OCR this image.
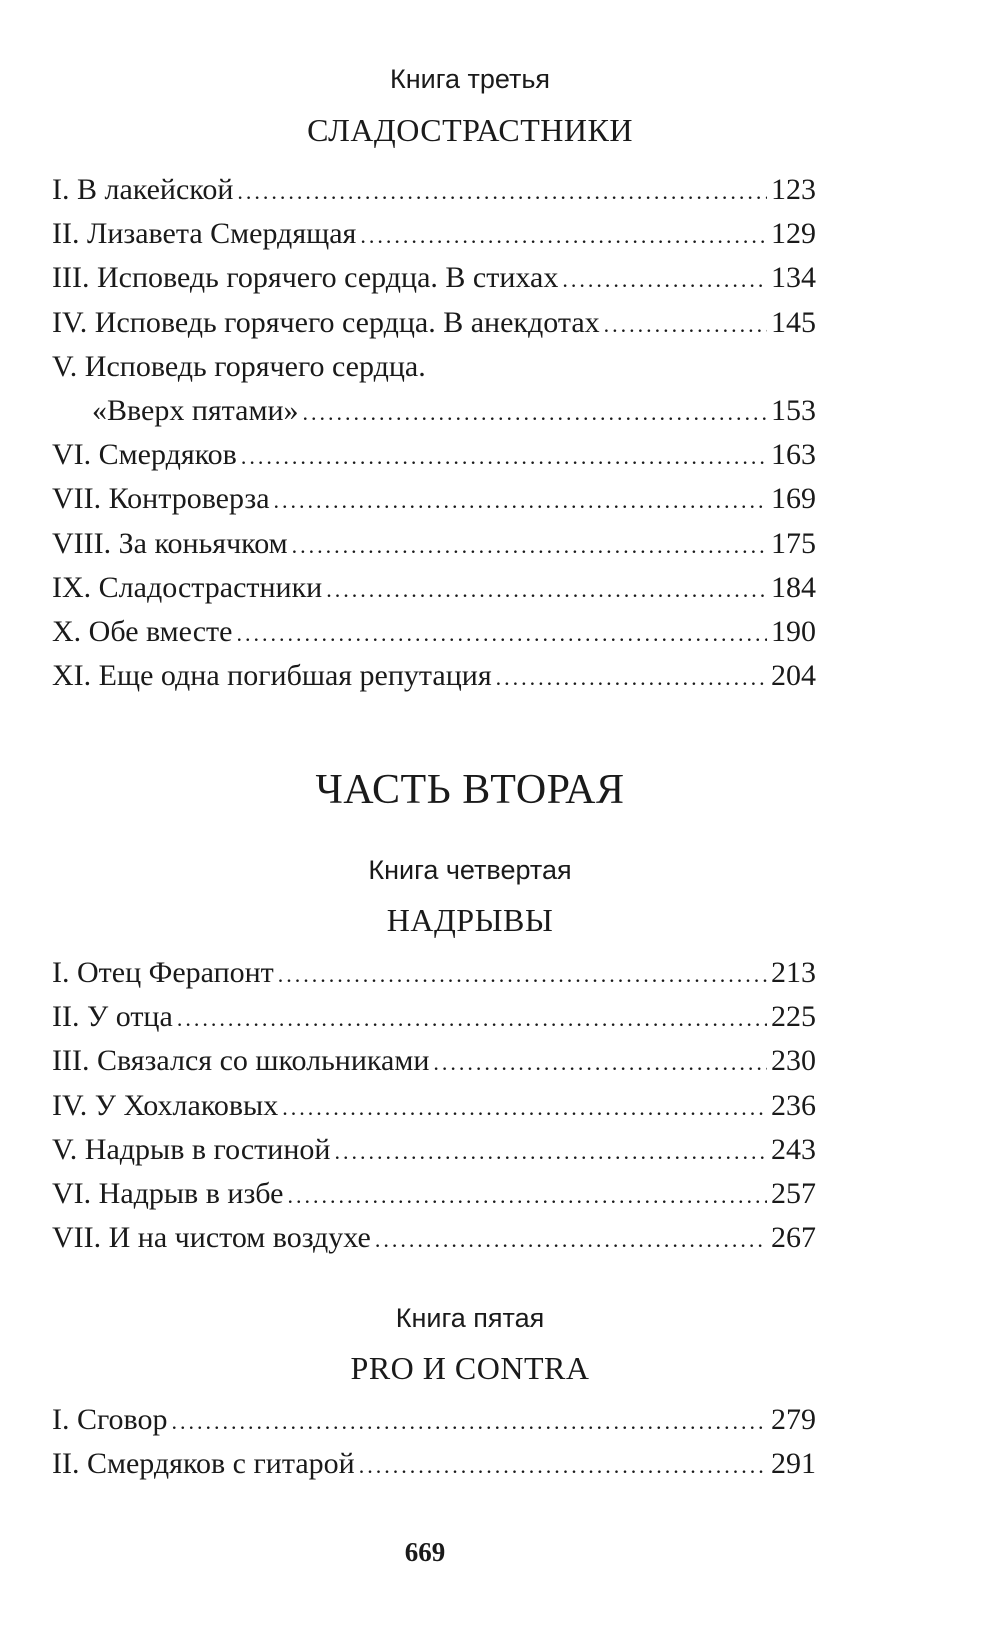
Книга третья
СЛАДОСТРАСТНИКИ
I. В лакейской .....	123
II. Лизавета Смердящая .....	129
III. Исповедь горячего сердца. В стихах .....	134
IV. Исповедь горячего сердца. В анекдотах .....	145
V. Исповедь горячего сердца.
«Вверх пятами» .....	153
VI. Смердяков .....	163
VII. Контроверза .....	169
VIII. За коньячком .....	175
IX. Сладострастники .....	184
X. Обе вместе .....	190
XI. Еще одна погибшая репутация .....	204
ЧАСТЬ ВТОРАЯ
Книга четвертая
НАДРЫВЫ
I. Отец Ферапонт .....	213
II. У отца .....	225
III. Связался со школьниками .....	230
IV. У Хохлаковых .....	236
V. Надрыв в гостиной .....	243
VI. Надрыв в избе .....	257
VII. И на чистом воздухе .....	267
Книга пятая
PRO И CONTRA
I. Сговор .....	279
II. Смердяков с гитарой .....	291
669
